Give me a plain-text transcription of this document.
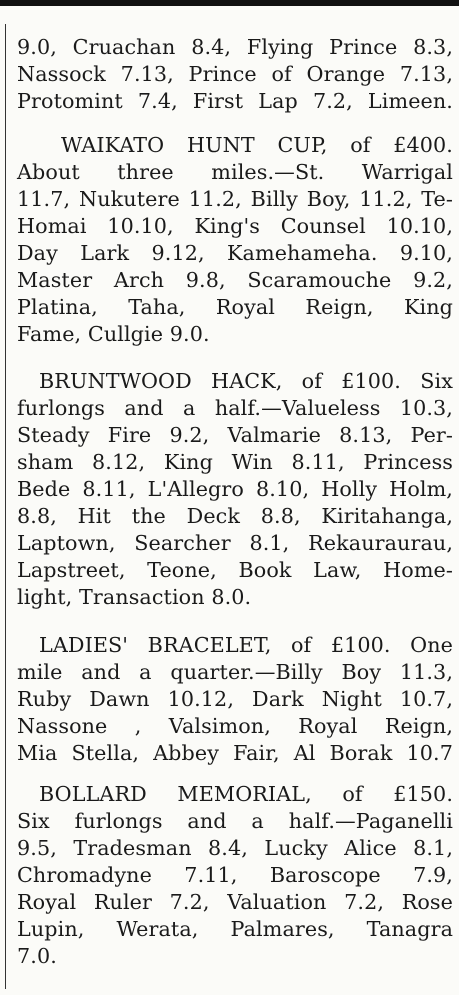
9.0, Cruachan 8.4, Flying Prince 8.3,
Nassock 7.13, Prince of Orange 7.13,
Protomint 7.4, First Lap 7.2, Limeen.
WAIKATO HUNT CUP, of £400.
About three miles.—St. Warrigal
11.7, Nukutere 11.2, Billy Boy, 11.2, Te-
Homai 10.10, King's Counsel 10.10,
Day Lark 9.12, Kamehameha. 9.10,
Master Arch 9.8, Scaramouche 9.2,
Platina, Taha, Royal Reign, King
Fame, Cullgie 9.0.
BRUNTWOOD HACK, of £100. Six
furlongs and a half.—Valueless 10.3,
Steady Fire 9.2, Valmarie 8.13, Per-
sham 8.12, King Win 8.11, Princess
Bede 8.11, L'Allegro 8.10, Holly Holm,
8.8, Hit the Deck 8.8, Kiritahanga,
Laptown, Searcher 8.1, Rekauraurau,
Lapstreet, Teone, Book Law, Home-
light, Transaction 8.0.
LADIES' BRACELET, of £100. One
mile and a quarter.—Billy Boy 11.3,
Ruby Dawn 10.12, Dark Night 10.7,
Nassone , Valsimon, Royal Reign,
Mia Stella, Abbey Fair, Al Borak 10.7
BOLLARD MEMORIAL, of £150.
Six furlongs and a half.—Paganelli
9.5, Tradesman 8.4, Lucky Alice 8.1,
Chromadyne 7.11, Baroscope 7.9,
Royal Ruler 7.2, Valuation 7.2, Rose
Lupin, Werata, Palmares, Tanagra
7.0.
